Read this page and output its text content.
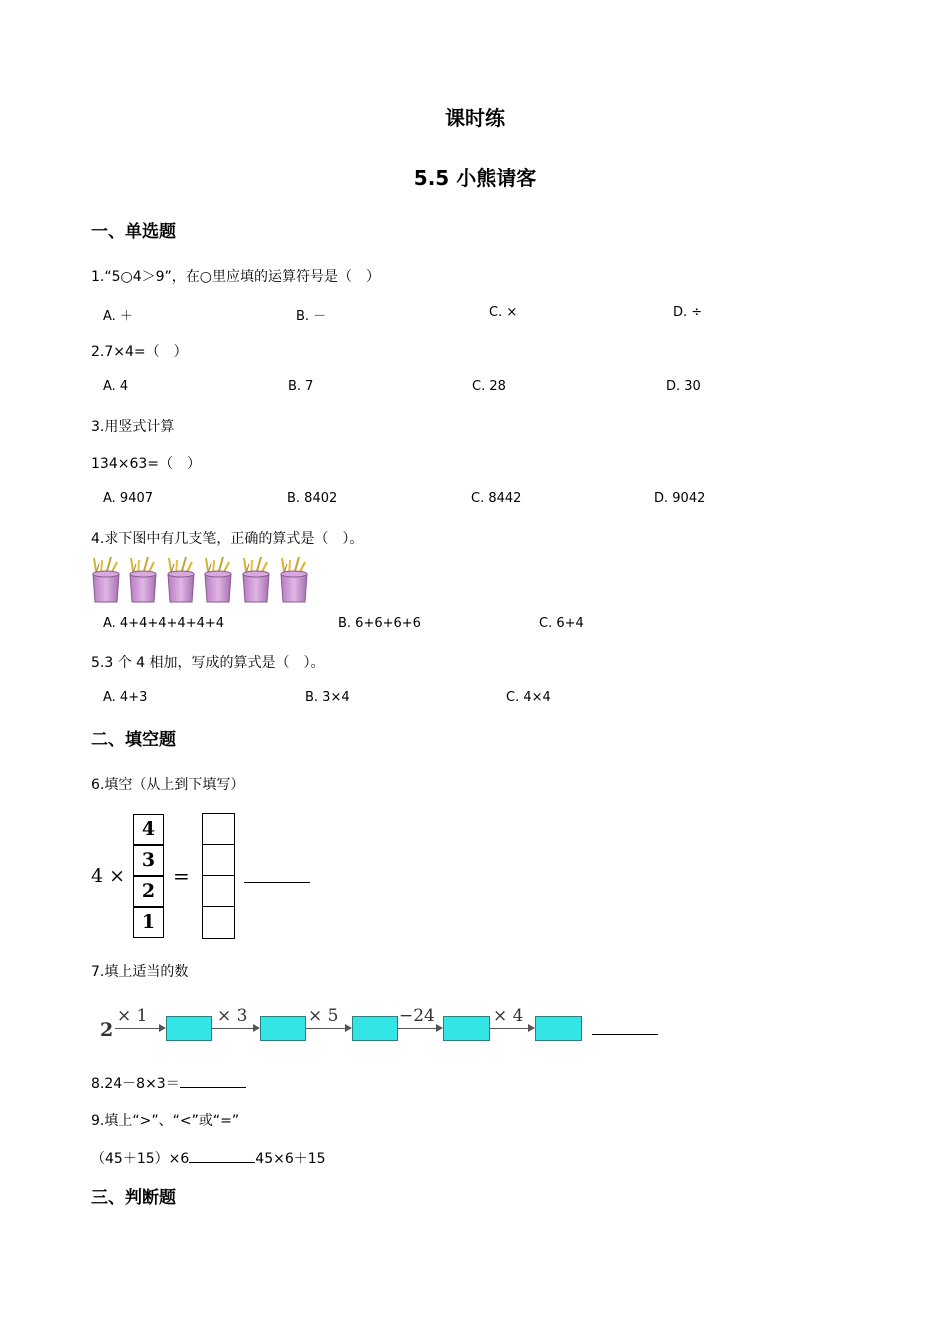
课时练
5.5 小熊请客
一、单选题
1.“5○4＞9”，在○里应填的运算符号是（　）
A. ＋	B. －	C. ×	D. ÷
2.7×4=（　）
A. 4	B. 7	C. 28	D. 30
3.用竖式计算
134×63=（　）
A. 9407	B. 8402	C. 8442	D. 9042
4.求下图中有几支笔，正确的算式是（　）。
A. 4+4+4+4+4+4	B. 6+6+6+6	C. 6+4
5.3 个 4 相加，写成的算式是（　）。
A. 4+3	B. 3×4	C. 4×4
二、填空题
6.填空（从上到下填写）
4 ×
4
3
2
1
=
7.填上适当的数
2
× 1	× 3	× 5	−24	× 4
8.24－8×3＝
9.填上“>”、“<”或“=”
（45＋15）×6	45×6＋15
三、判断题
